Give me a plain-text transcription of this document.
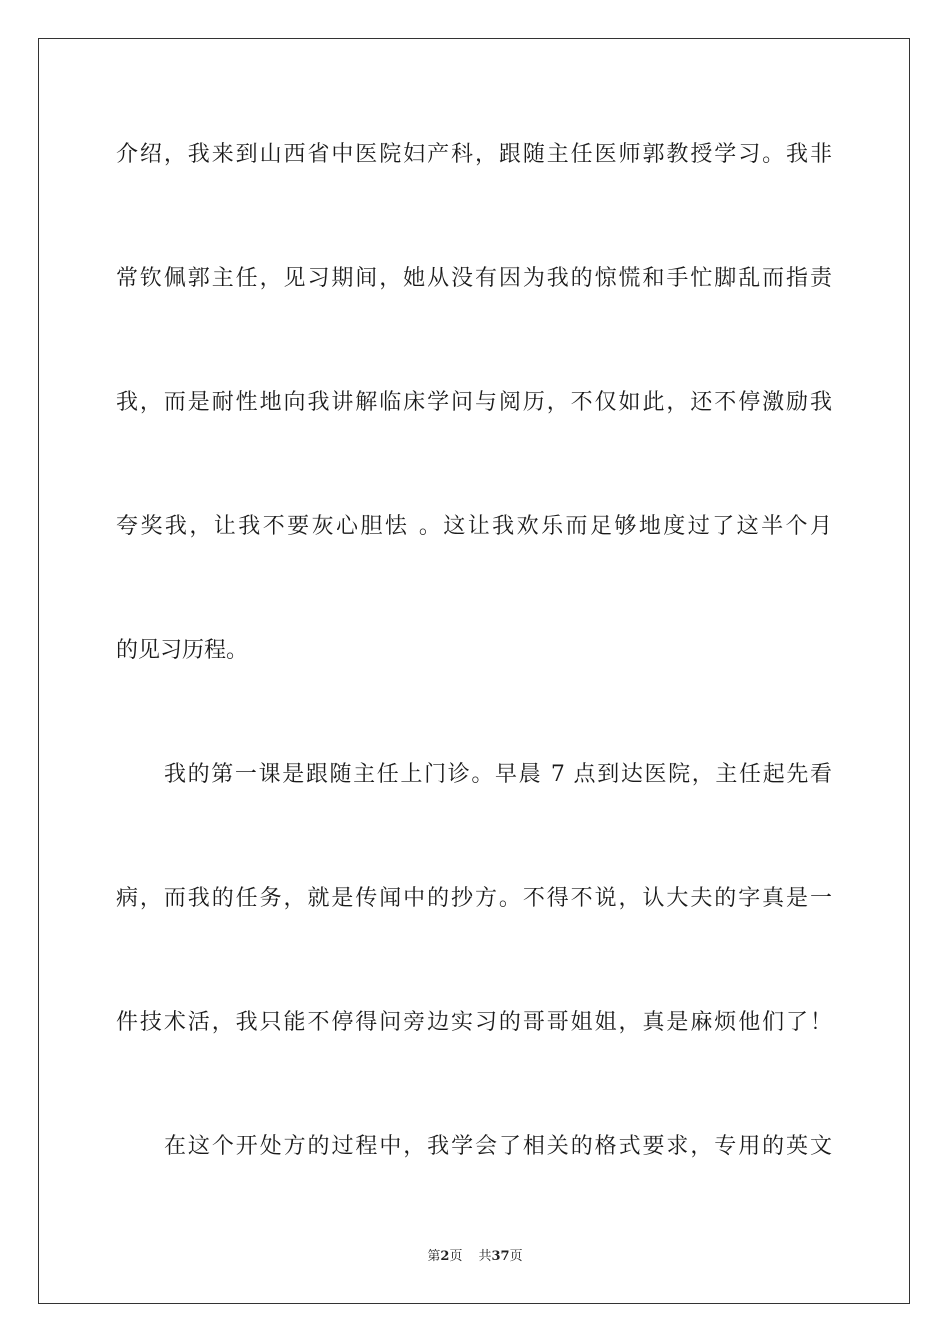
介绍，我来到山西省中医院妇产科，跟随主任医师郭教授学习。我非
常钦佩郭主任，见习期间，她从没有因为我的惊慌和手忙脚乱而指责
我，而是耐性地向我讲解临床学问与阅历，不仅如此，还不停激励我
夸奖我，让我不要灰心胆怯 。这让我欢乐而足够地度过了这半个月
的见习历程。
我的第一课是跟随主任上门诊。早晨 7 点到达医院，主任起先看
病，而我的任务，就是传闻中的抄方。不得不说，认大夫的字真是一
件技术活，我只能不停得问旁边实习的哥哥姐姐，真是麻烦他们了！
在这个开处方的过程中，我学会了相关的格式要求，专用的英文
第2页 共37页
